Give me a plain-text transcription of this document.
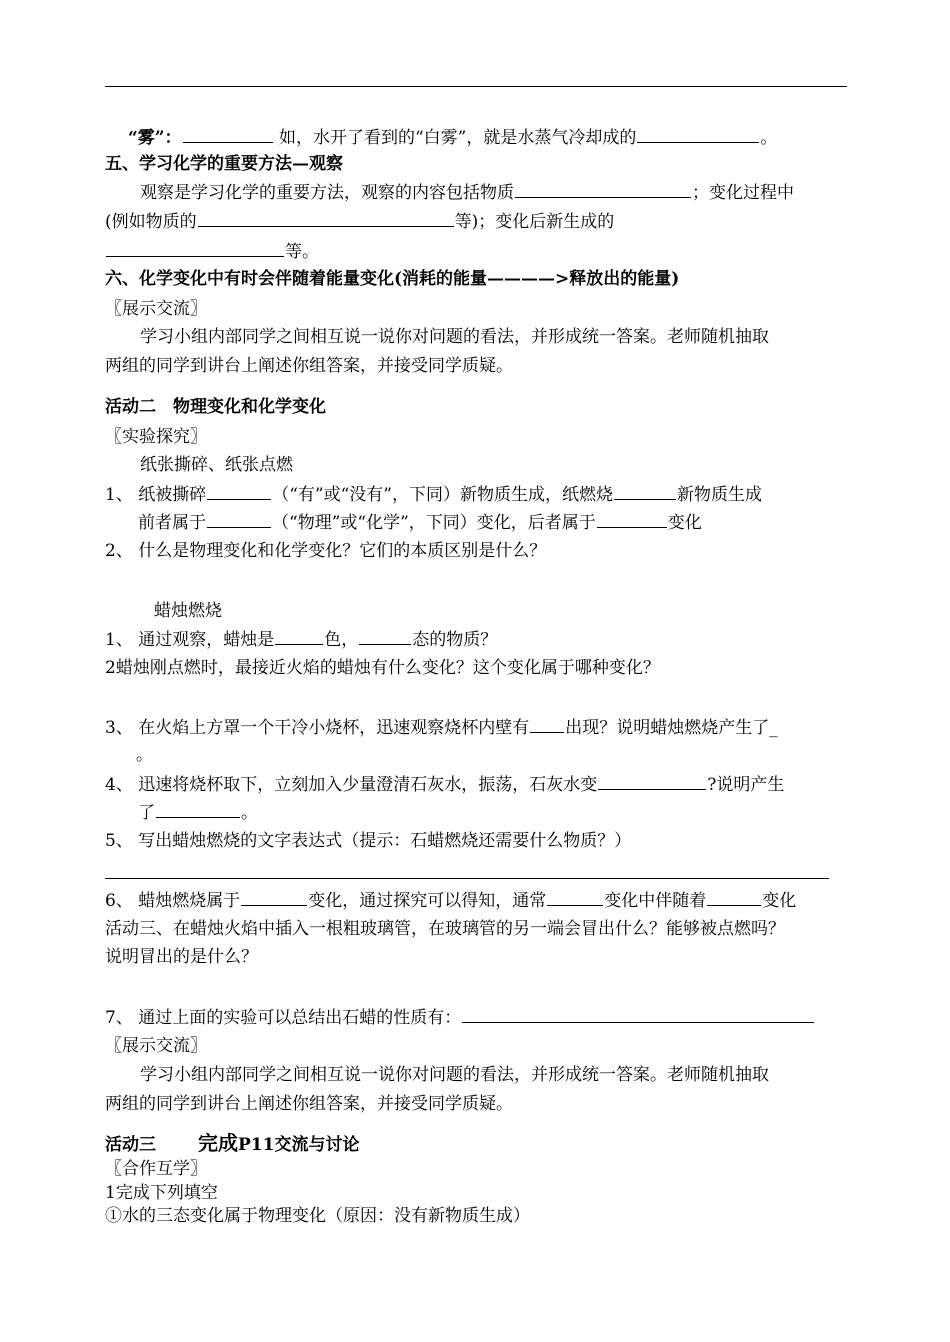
“雾”：	如，水开了看到的“白雾”，就是水蒸气冷却成的	。
五、学习化学的重要方法—观察
观察是学习化学的重要方法，观察的内容包括物质	；变化过程中
(例如物质的	等)；变化后新生成的
等。
六、化学变化中有时会伴随着能量变化(消耗的能量————>释放出的能量)
〖展示交流〗
学习小组内部同学之间相互说一说你对问题的看法，并形成统一答案。老师随机抽取
两组的同学到讲台上阐述你组答案，并接受同学质疑。
活动二　物理变化和化学变化
〖实验探究〗
纸张撕碎、纸张点燃
1、 纸被撕碎	（“有”或“没有”，下同）新物质生成，纸燃烧	新物质生成
前者属于	（“物理”或“化学”，下同）变化，后者属于	变化
2、 什么是物理变化和化学变化？它们的本质区别是什么？
蜡烛燃烧
1、 通过观察，蜡烛是	色，	态的物质？
2蜡烛刚点燃时，最接近火焰的蜡烛有什么变化？这个变化属于哪种变化？
3、 在火焰上方罩一个干冷小烧杯，迅速观察烧杯内壁有 出现？说明蜡烛燃烧产生了_
。
4、 迅速将烧杯取下，立刻加入少量澄清石灰水，振荡，石灰水变	?说明产生
了	。
5、 写出蜡烛燃烧的文字表达式（提示：石蜡燃烧还需要什么物质？）
6、 蜡烛燃烧属于	变化，通过探究可以得知，通常	变化中伴随着	变化
活动三、在蜡烛火焰中插入一根粗玻璃管，在玻璃管的另一端会冒出什么？能够被点燃吗？
说明冒出的是什么？
7、 通过上面的实验可以总结出石蜡的性质有：
〖展示交流〗
学习小组内部同学之间相互说一说你对问题的看法，并形成统一答案。老师随机抽取
两组的同学到讲台上阐述你组答案，并接受同学质疑。
活动三 完成P11交流与讨论
〖合作互学〗
1完成下列填空
①水的三态变化属于物理变化（原因：没有新物质生成）
